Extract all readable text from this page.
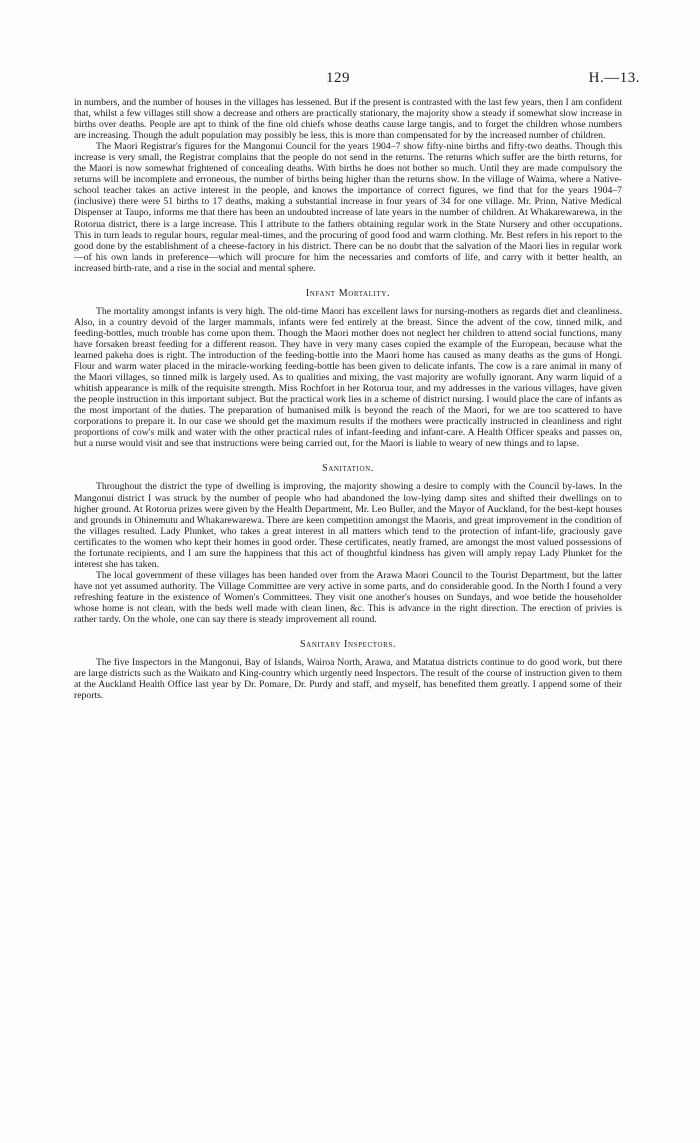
129	H.—13.

in numbers, and the number of houses in the villages has lessened. But if the present is contrasted with the last few years, then I am confident that, whilst a few villages still show a decrease and others are practically stationary, the majority show a steady if somewhat slow increase in births over deaths. People are apt to think of the fine old chiefs whose deaths cause large tangis, and to forget the children whose numbers are increasing. Though the adult population may possibly be less, this is more than compensated for by the increased number of children.

The Maori Registrar's figures for the Mangonui Council for the years 1904–7 show fifty-nine births and fifty-two deaths. Though this increase is very small, the Registrar complains that the people do not send in the returns. The returns which suffer are the birth returns, for the Maori is now somewhat frightened of concealing deaths. With births he does not bother so much. Until they are made compulsory the returns will be incomplete and erroneous, the number of births being higher than the returns show. In the village of Waima, where a Native-school teacher takes an active interest in the people, and knows the importance of correct figures, we find that for the years 1904–7 (inclusive) there were 51 births to 17 deaths, making a substantial increase in four years of 34 for one village. Mr. Prinn, Native Medical Dispenser at Taupo, informs me that there has been an undoubted increase of late years in the number of children. At Whakarewarewa, in the Rotorua district, there is a large increase. This I attribute to the fathers obtaining regular work in the State Nursery and other occupations. This in turn leads to regular hours, regular meal-times, and the procuring of good food and warm clothing. Mr. Best refers in his report to the good done by the establishment of a cheese-factory in his district. There can be no doubt that the salvation of the Maori lies in regular work—of his own lands in preference—which will procure for him the necessaries and comforts of life, and carry with it better health, an increased birth-rate, and a rise in the social and mental sphere.

Infant Mortality.

The mortality amongst infants is very high. The old-time Maori has excellent laws for nursing-mothers as regards diet and cleanliness. Also, in a country devoid of the larger mammals, infants were fed entirely at the breast. Since the advent of the cow, tinned milk, and feeding-bottles, much trouble has come upon them. Though the Maori mother does not neglect her children to attend social functions, many have forsaken breast feeding for a different reason. They have in very many cases copied the example of the European, because what the learned pakeha does is right. The introduction of the feeding-bottle into the Maori home has caused as many deaths as the guns of Hongi. Flour and warm water placed in the miracle-working feeding-bottle has been given to delicate infants. The cow is a rare animal in many of the Maori villages, so tinned milk is largely used. As to qualities and mixing, the vast majority are wofully ignorant. Any warm liquid of a whitish appearance is milk of the requisite strength. Miss Rochfort in her Rotorua tour, and my addresses in the various villages, have given the people instruction in this important subject. But the practical work lies in a scheme of district nursing. I would place the care of infants as the most important of the duties. The preparation of humanised milk is beyond the reach of the Maori, for we are too scattered to have corporations to prepare it. In our case we should get the maximum results if the mothers were practically instructed in cleanliness and right proportions of cow's milk and water with the other practical rules of infant-feeding and infant-care. A Health Officer speaks and passes on, but a nurse would visit and see that instructions were being carried out, for the Maori is liable to weary of new things and to lapse.

Sanitation.

Throughout the district the type of dwelling is improving, the majority showing a desire to comply with the Council by-laws. In the Mangonui district I was struck by the number of people who had abandoned the low-lying damp sites and shifted their dwellings on to higher ground. At Rotorua prizes were given by the Health Department, Mr. Leo Buller, and the Mayor of Auckland, for the best-kept houses and grounds in Ohinemutu and Whakarewarewa. There are keen competition amongst the Maoris, and great improvement in the condition of the villages resulted. Lady Plunket, who takes a great interest in all matters which tend to the protection of infant-life, graciously gave certificates to the women who kept their homes in good order. These certificates, neatly framed, are amongst the most valued possessions of the fortunate recipients, and I am sure the happiness that this act of thoughtful kindness has given will amply repay Lady Plunket for the interest she has taken.

The local government of these villages has been handed over from the Arawa Maori Council to the Tourist Department, but the latter have not yet assumed authority. The Village Committee are very active in some parts, and do considerable good. In the North I found a very refreshing feature in the existence of Women's Committees. They visit one another's houses on Sundays, and woe betide the householder whose home is not clean, with the beds well made with clean linen, &c. This is advance in the right direction. The erection of privies is rather tardy. On the whole, one can say there is steady improvement all round.

Sanitary Inspectors.

The five Inspectors in the Mangonui, Bay of Islands, Wairoa North, Arawa, and Matatua districts continue to do good work, but there are large districts such as the Waikato and King-country which urgently need Inspectors. The result of the course of instruction given to them at the Auckland Health Office last year by Dr. Pomare, Dr. Purdy and staff, and myself, has benefited them greatly. I append some of their reports.
